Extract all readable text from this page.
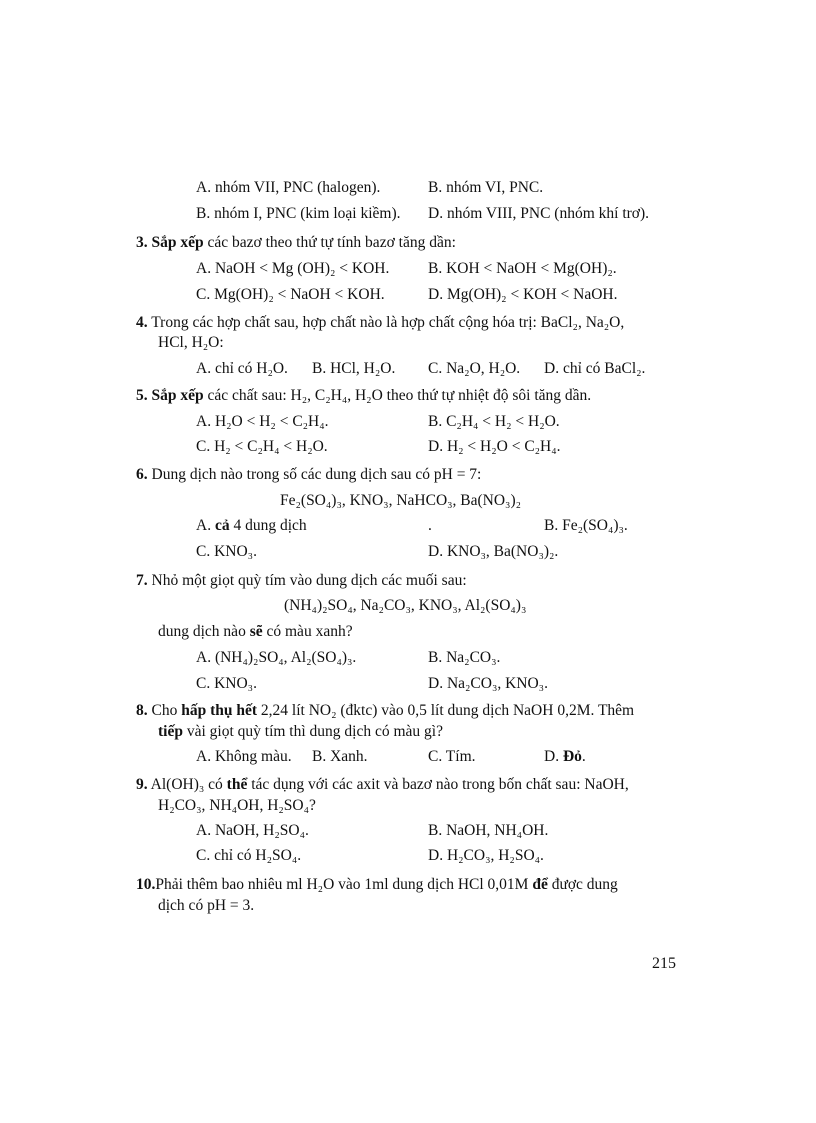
A. nhóm VII, PNC (halogen).	B. nhóm VI, PNC.
B. nhóm I, PNC (kim loại kiềm). D. nhóm VIII, PNC (nhóm khí trơ).
3. Sắp xếp các bazơ theo thứ tự tính bazơ tăng dần:
A. NaOH < Mg (OH)₂ < KOH. B. KOH < NaOH < Mg(OH)₂.
C. Mg(OH)₂ < NaOH < KOH.	D. Mg(OH)₂ < KOH < NaOH.
4. Trong các hợp chất sau, hợp chất nào là hợp chất cộng hóa trị: BaCl₂, Na₂O,
HCl, H₂O:
A. chỉ có H₂O. B. HCl, H₂O. C. Na₂O, H₂O. D. chỉ có BaCl₂.
5. Sắp xếp các chất sau: H₂, C₂H₄, H₂O theo thứ tự nhiệt độ sôi tăng dần.
A. H₂O < H₂ < C₂H₄.	B. C₂H₄ < H₂ < H₂O.
C. H₂ < C₂H₄ < H₂O.	D. H₂ < H₂O < C₂H₄.
6. Dung dịch nào trong số các dung dịch sau có pH = 7:
Fe₂(SO₄)₃, KNO₃, NaHCO₃, Ba(NO₃)₂
A. cả 4 dung dịch	.	B. Fe₂(SO₄)₃.
C. KNO₃.	D. KNO₃, Ba(NO₃)₂.
7. Nhỏ một giọt quỳ tím vào dung dịch các muối sau:
(NH₄)₂SO₄, Na₂CO₃, KNO₃, Al₂(SO₄)₃
dung dịch nào sẽ có màu xanh?
A. (NH₄)₂SO₄, Al₂(SO₄)₃.	B. Na₂CO₃.
C. KNO₃.	D. Na₂CO₃, KNO₃.
8. Cho hấp thụ hết 2,24 lít NO₂ (đktc) vào 0,5 lít dung dịch NaOH 0,2M. Thêm
tiếp vài giọt quỳ tím thì dung dịch có màu gì?
A. Không màu. B. Xanh.	C. Tím.	D. Đỏ.
9. Al(OH)₃ có thể tác dụng với các axit và bazơ nào trong bốn chất sau: NaOH,
H₂CO₃, NH₄OH, H₂SO₄?
A. NaOH, H₂SO₄.	B. NaOH, NH₄OH.
C. chỉ có H₂SO₄.	D. H₂CO₃, H₂SO₄.
10.Phải thêm bao nhiêu ml H₂O vào 1ml dung dịch HCl 0,01M để được dung
dịch có pH = 3.
215
